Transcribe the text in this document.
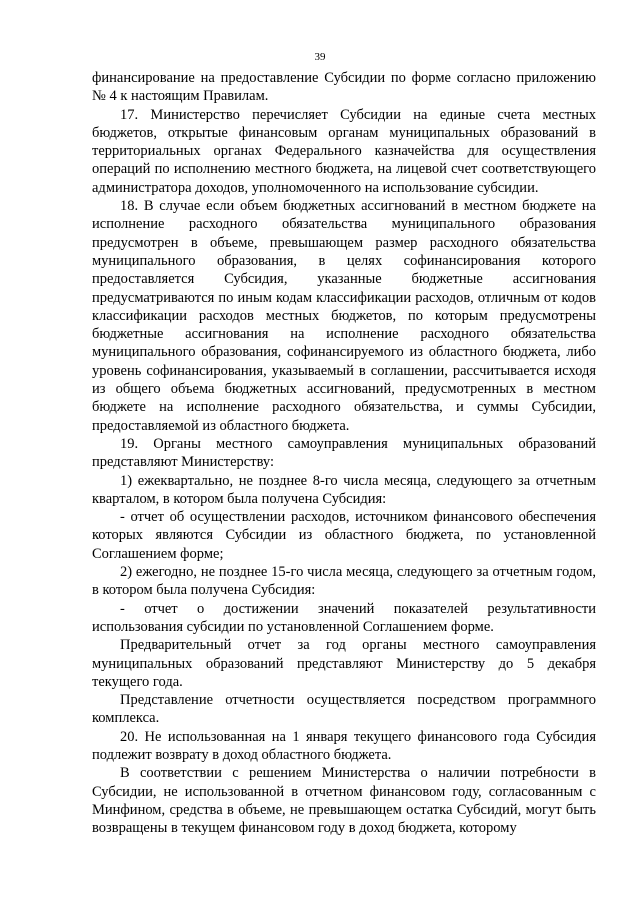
39

финансирование на предоставление Субсидии по форме согласно приложению № 4 к настоящим Правилам.

17. Министерство перечисляет Субсидии на единые счета местных бюджетов, открытые финансовым органам муниципальных образований в территориальных органах Федерального казначейства для осуществления операций по исполнению местного бюджета, на лицевой счет соответствующего администратора доходов, уполномоченного на использование субсидии.

18. В случае если объем бюджетных ассигнований в местном бюджете на исполнение расходного обязательства муниципального образования предусмотрен в объеме, превышающем размер расходного обязательства муниципального образования, в целях софинансирования которого предоставляется Субсидия, указанные бюджетные ассигнования предусматриваются по иным кодам классификации расходов, отличным от кодов классификации расходов местных бюджетов, по которым предусмотрены бюджетные ассигнования на исполнение расходного обязательства муниципального образования, софинансируемого из областного бюджета, либо уровень софинансирования, указываемый в соглашении, рассчитывается исходя из общего объема бюджетных ассигнований, предусмотренных в местном бюджете на исполнение расходного обязательства, и суммы Субсидии, предоставляемой из областного бюджета.

19. Органы местного самоуправления муниципальных образований представляют Министерству:

1) ежеквартально, не позднее 8-го числа месяца, следующего за отчетным кварталом, в котором была получена Субсидия:

- отчет об осуществлении расходов, источником финансового обеспечения которых являются Субсидии из областного бюджета, по установленной Соглашением форме;

2) ежегодно, не позднее 15-го числа месяца, следующего за отчетным годом, в котором была получена Субсидия:

- отчет о достижении значений показателей результативности использования субсидии по установленной Соглашением форме.

Предварительный отчет за год органы местного самоуправления муниципальных образований представляют Министерству до 5 декабря текущего года.

Представление отчетности осуществляется посредством программного комплекса.

20. Не использованная на 1 января текущего финансового года Субсидия подлежит возврату в доход областного бюджета.

В соответствии с решением Министерства о наличии потребности в Субсидии, не использованной в отчетном финансовом году, согласованным с Минфином, средства в объеме, не превышающем остатка Субсидий, могут быть возвращены в текущем финансовом году в доход бюджета, которому
